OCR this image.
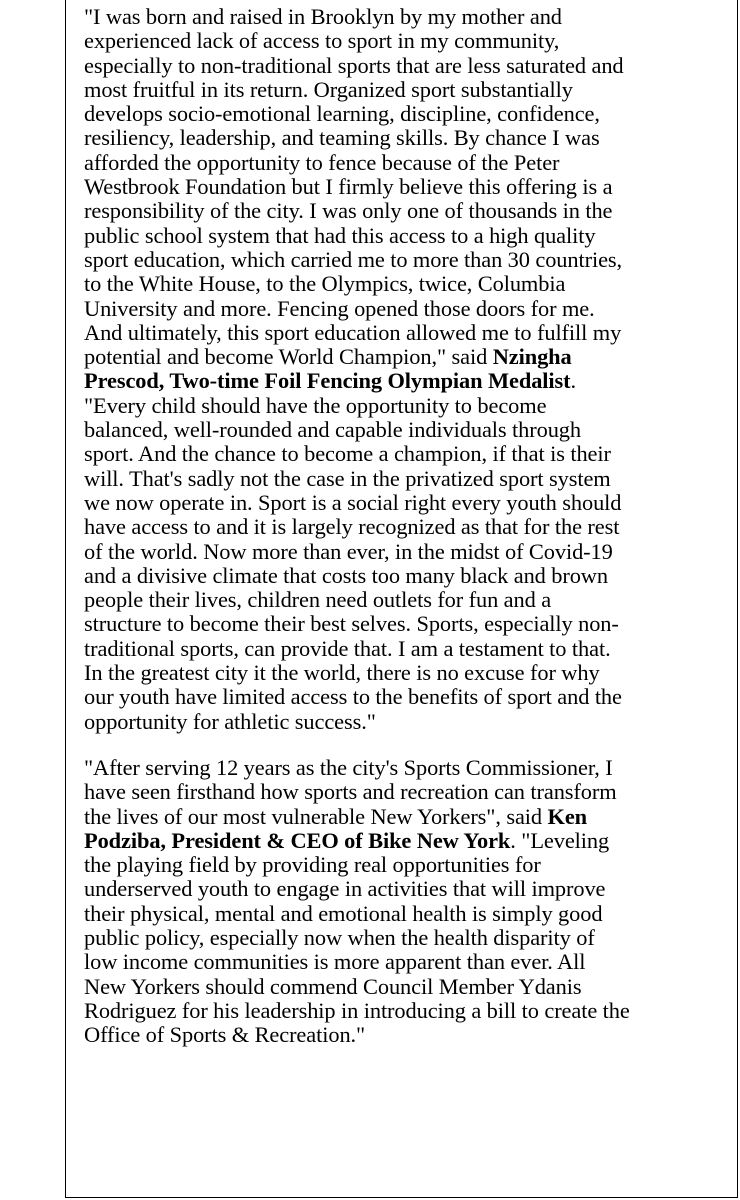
"I was born and raised in Brooklyn by my mother and
experienced lack of access to sport in my community,
especially to non-traditional sports that are less saturated and
most fruitful in its return. Organized sport substantially
develops socio-emotional learning, discipline, confidence,
resiliency, leadership, and teaming skills. By chance I was
afforded the opportunity to fence because of the Peter
Westbrook Foundation but I firmly believe this offering is a
responsibility of the city. I was only one of thousands in the
public school system that had this access to a high quality
sport education, which carried me to more than 30 countries,
to the White House, to the Olympics, twice, Columbia
University and more. Fencing opened those doors for me.
And ultimately, this sport education allowed me to fulfill my
potential and become World Champion," said Nzingha
Prescod, Two-time Foil Fencing Olympian Medalist.
"Every child should have the opportunity to become
balanced, well-rounded and capable individuals through
sport. And the chance to become a champion, if that is their
will. That's sadly not the case in the privatized sport system
we now operate in. Sport is a social right every youth should
have access to and it is largely recognized as that for the rest
of the world. Now more than ever, in the midst of Covid-19
and a divisive climate that costs too many black and brown
people their lives, children need outlets for fun and a
structure to become their best selves. Sports, especially non-
traditional sports, can provide that. I am a testament to that.
In the greatest city it the world, there is no excuse for why
our youth have limited access to the benefits of sport and the
opportunity for athletic success."
"After serving 12 years as the city's Sports Commissioner, I
have seen firsthand how sports and recreation can transform
the lives of our most vulnerable New Yorkers", said Ken
Podziba, President & CEO of Bike New York. "Leveling
the playing field by providing real opportunities for
underserved youth to engage in activities that will improve
their physical, mental and emotional health is simply good
public policy, especially now when the health disparity of
low income communities is more apparent than ever. All
New Yorkers should commend Council Member Ydanis
Rodriguez for his leadership in introducing a bill to create the
Office of Sports & Recreation."
